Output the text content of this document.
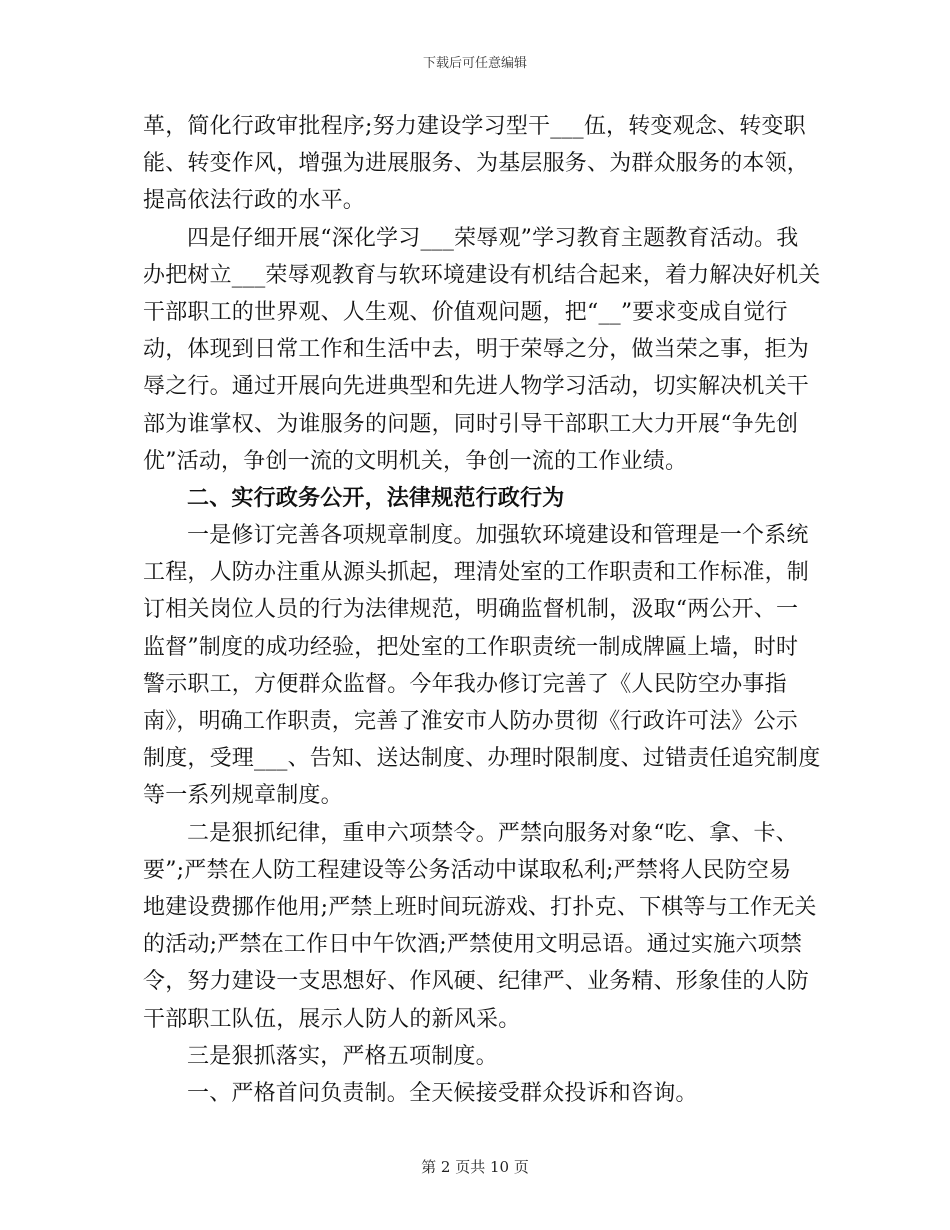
下载后可任意编辑
革，简化行政审批程序;努力建设学习型干___伍，转变观念、转变职
能、转变作风，增强为进展服务、为基层服务、为群众服务的本领，
提高依法行政的水平。
四是仔细开展“深化学习___荣辱观”学习教育主题教育活动。我
办把树立___荣辱观教育与软环境建设有机结合起来，着力解决好机关
干部职工的世界观、人生观、价值观问题，把“__”要求变成自觉行
动，体现到日常工作和生活中去，明于荣辱之分，做当荣之事，拒为
辱之行。通过开展向先进典型和先进人物学习活动，切实解决机关干
部为谁掌权、为谁服务的问题，同时引导干部职工大力开展“争先创
优”活动，争创一流的文明机关，争创一流的工作业绩。
二、实行政务公开，法律规范行政行为
一是修订完善各项规章制度。加强软环境建设和管理是一个系统
工程，人防办注重从源头抓起，理清处室的工作职责和工作标准，制
订相关岗位人员的行为法律规范，明确监督机制，汲取“两公开、一
监督”制度的成功经验，把处室的工作职责统一制成牌匾上墙，时时
警示职工，方便群众监督。今年我办修订完善了《人民防空办事指
南》，明确工作职责，完善了淮安市人防办贯彻《行政许可法》公示
制度，受理___、告知、送达制度、办理时限制度、过错责任追究制度
等一系列规章制度。
二是狠抓纪律，重申六项禁令。严禁向服务对象“吃、拿、卡、
要”;严禁在人防工程建设等公务活动中谋取私利;严禁将人民防空易
地建设费挪作他用;严禁上班时间玩游戏、打扑克、下棋等与工作无关
的活动;严禁在工作日中午饮酒;严禁使用文明忌语。通过实施六项禁
令，努力建设一支思想好、作风硬、纪律严、业务精、形象佳的人防
干部职工队伍，展示人防人的新风采。
三是狠抓落实，严格五项制度。
一、严格首问负责制。全天候接受群众投诉和咨询。
第 2 页共 10 页
